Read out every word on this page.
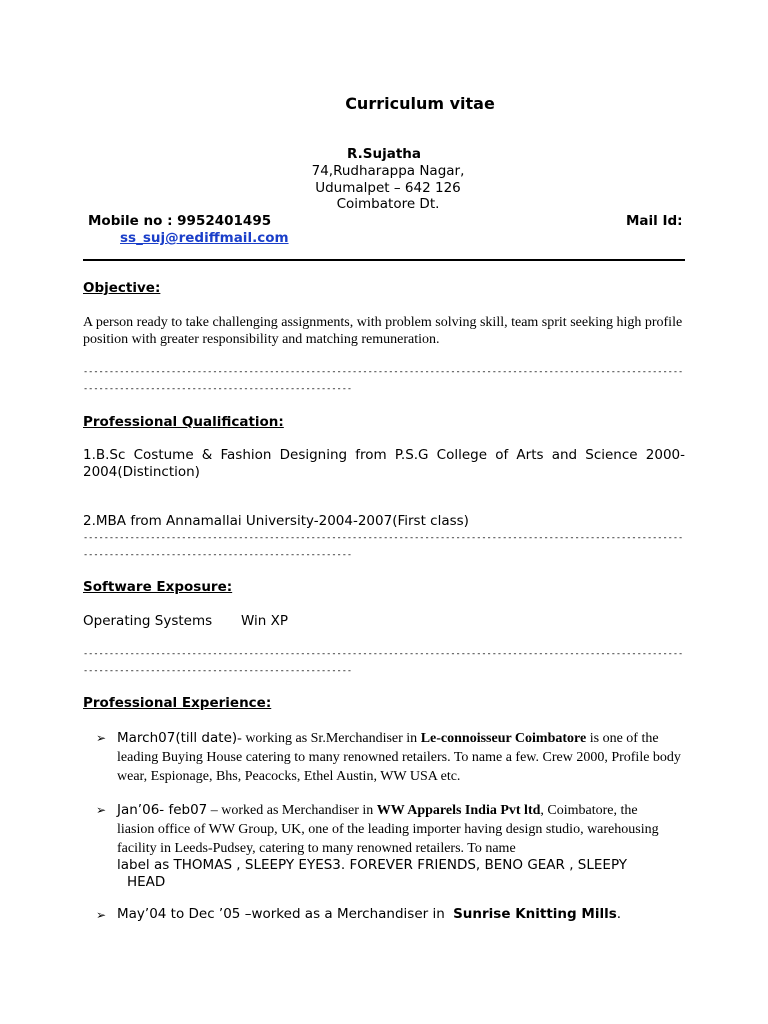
Curriculum vitae
R.Sujatha
74,Rudharappa Nagar,
Udumalpet – 642 126
Coimbatore Dt.
Mobile no : 9952401495	Mail Id:
ss_suj@rediffmail.com
Objective:
A person ready to take challenging assignments, with problem solving skill, team sprit seeking high profile position with greater responsibility and matching remuneration.
------------------------------------------------------------------------------------------------------------------------------------------------------------------------
Professional Qualification:
1.B.Sc Costume & Fashion Designing from P.S.G College of Arts and Science 2000-2004(Distinction)
2.MBA from Annamallai University-2004-2007(First class)
------------------------------------------------------------------------------------------------------------------------------------------------------------------------
Software Exposure:
Operating Systems Win XP
------------------------------------------------------------------------------------------------------------------------------------------------------------------------
Professional Experience:
➢ March07(till date)- working as Sr.Merchandiser in Le-connoisseur Coimbatore is one of the leading Buying House catering to many renowned retailers. To name a few. Crew 2000, Profile body wear, Espionage, Bhs, Peacocks, Ethel Austin, WW USA etc.
➢ Jan’06- feb07 – worked as Merchandiser in WW Apparels India Pvt ltd, Coimbatore, the liasion office of WW Group, UK, one of the leading importer having design studio, warehousing facility in Leeds-Pudsey, catering to many renowned retailers. To name
label as THOMAS , SLEEPY EYES3. FOREVER FRIENDS, BENO GEAR , SLEEPY
HEAD
➢ May’04 to Dec ’05 –worked as a Merchandiser in Sunrise Knitting Mills.
